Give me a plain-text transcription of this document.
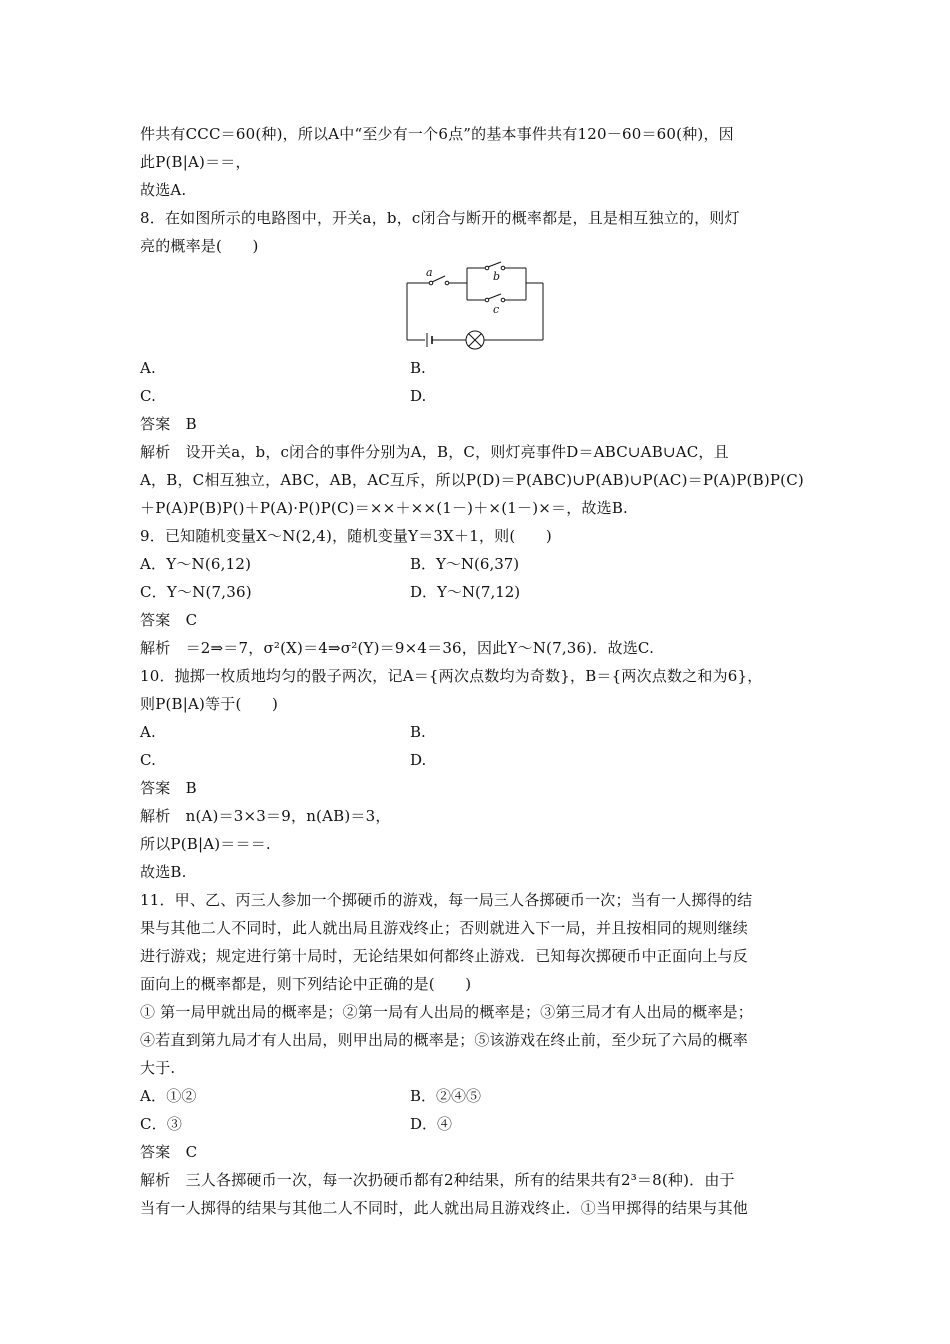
件共有CCC＝60(种)，所以A中“至少有一个6点”的基本事件共有120－60＝60(种)，因
此P(B|A)＝＝，
故选A.
8．在如图所示的电路图中，开关a，b，c闭合与断开的概率都是，且是相互独立的，则灯
亮的概率是(　　)
A.	B.
C.	D.
答案　B
解析　设开关a，b，c闭合的事件分别为A，B，C，则灯亮事件D＝ABC∪AB∪AC，且
A，B，C相互独立，ABC，AB，AC互斥，所以P(D)＝P(ABC)∪P(AB)∪P(AC)＝P(A)P(B)P(C)
＋P(A)P(B)P()＋P(A)·P()P(C)＝××＋××(1－)＋×(1－)×＝，故选B.
9．已知随机变量X～N(2,4)，随机变量Y＝3X＋1，则(　　)
A．Y～N(6,12)	B．Y～N(6,37)
C．Y～N(7,36)	D．Y～N(7,12)
答案　C
解析　＝2⇒＝7，σ²(X)＝4⇒σ²(Y)＝9×4＝36，因此Y～N(7,36)．故选C.
10．抛掷一枚质地均匀的骰子两次，记A＝{两次点数均为奇数}，B＝{两次点数之和为6}，
则P(B|A)等于(　　)
A.	B.
C.	D.
答案　B
解析　n(A)＝3×3＝9，n(AB)＝3，
所以P(B|A)＝＝＝.
故选B.
11．甲、乙、丙三人参加一个掷硬币的游戏，每一局三人各掷硬币一次；当有一人掷得的结
果与其他二人不同时，此人就出局且游戏终止；否则就进入下一局，并且按相同的规则继续
进行游戏；规定进行第十局时，无论结果如何都终止游戏．已知每次掷硬币中正面向上与反
面向上的概率都是，则下列结论中正确的是(　　)
① 第一局甲就出局的概率是；②第一局有人出局的概率是；③第三局才有人出局的概率是；
④若直到第九局才有人出局，则甲出局的概率是；⑤该游戏在终止前，至少玩了六局的概率
大于.
A．①②	B．②④⑤
C．③	D．④
答案　C
解析　三人各掷硬币一次，每一次扔硬币都有2种结果，所有的结果共有2³＝8(种)．由于
当有一人掷得的结果与其他二人不同时，此人就出局且游戏终止．①当甲掷得的结果与其他
a	b
c
